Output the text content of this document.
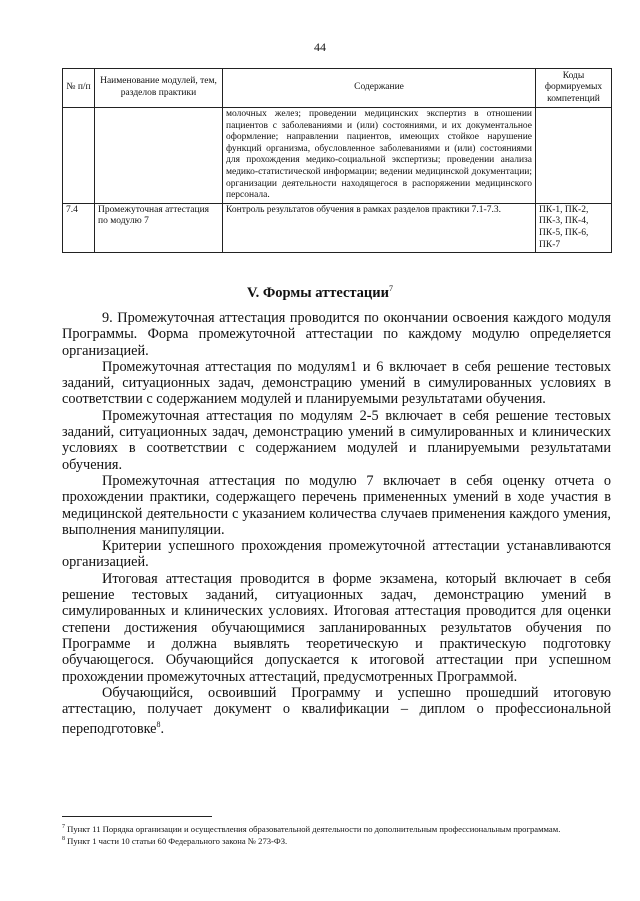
44
№ п/п	Наименование модулей, тем, разделов практики	Содержание	Коды формируемых компетенций
		молочных желез; проведении медицинских экспертиз в отношении пациентов с заболеваниями и (или) состояниями, и их документальное оформление; направлении пациентов, имеющих стойкое нарушение функций организма, обусловленное заболеваниями и (или) состояниями для прохождения медико-социальной экспертизы; проведении анализа медико-статистической информации; ведении медицинской документации; организации деятельности находящегося в распоряжении медицинского персонала.	
7.4	Промежуточная аттестация по модулю 7	Контроль результатов обучения в рамках разделов практики 7.1-7.3.	ПК-1, ПК-2, ПК-3, ПК-4, ПК-5, ПК-6, ПК-7
V. Формы аттестации$^7$

9. Промежуточная аттестация проводится по окончании освоения каждого модуля Программы. Форма промежуточной аттестации по каждому модулю определяется организацией.

Промежуточная аттестация по модулям1 и 6 включает в себя решение тестовых заданий, ситуационных задач, демонстрацию умений в симулированных условиях в соответствии с содержанием модулей и планируемыми результатами обучения.

Промежуточная аттестация по модулям 2-5 включает в себя решение тестовых заданий, ситуационных задач, демонстрацию умений в симулированных и клинических условиях в соответствии с содержанием модулей и планируемыми результатами обучения.

Промежуточная аттестация по модулю 7 включает в себя оценку отчета о прохождении практики, содержащего перечень примененных умений в ходе участия в медицинской деятельности с указанием количества случаев применения каждого умения, выполнения манипуляции.

Критерии успешного прохождения промежуточной аттестации устанавливаются организацией.

Итоговая аттестация проводится в форме экзамена, который включает в себя решение тестовых заданий, ситуационных задач, демонстрацию умений в симулированных и клинических условиях. Итоговая аттестация проводится для оценки степени достижения обучающимися запланированных результатов обучения по Программе и должна выявлять теоретическую и практическую подготовку обучающегося. Обучающийся допускается к итоговой аттестации при успешном прохождении промежуточных аттестаций, предусмотренных Программой.

Обучающийся, освоивший Программу и успешно прошедший итоговую аттестацию, получает документ о квалификации – диплом о профессиональной переподготовке$^8$.

$^7$ Пункт 11 Порядка организации и осуществления образовательной деятельности по дополнительным профессиональным программам.

$^8$ Пункт 1 части 10 статьи 60 Федерального закона № 273-ФЗ.
